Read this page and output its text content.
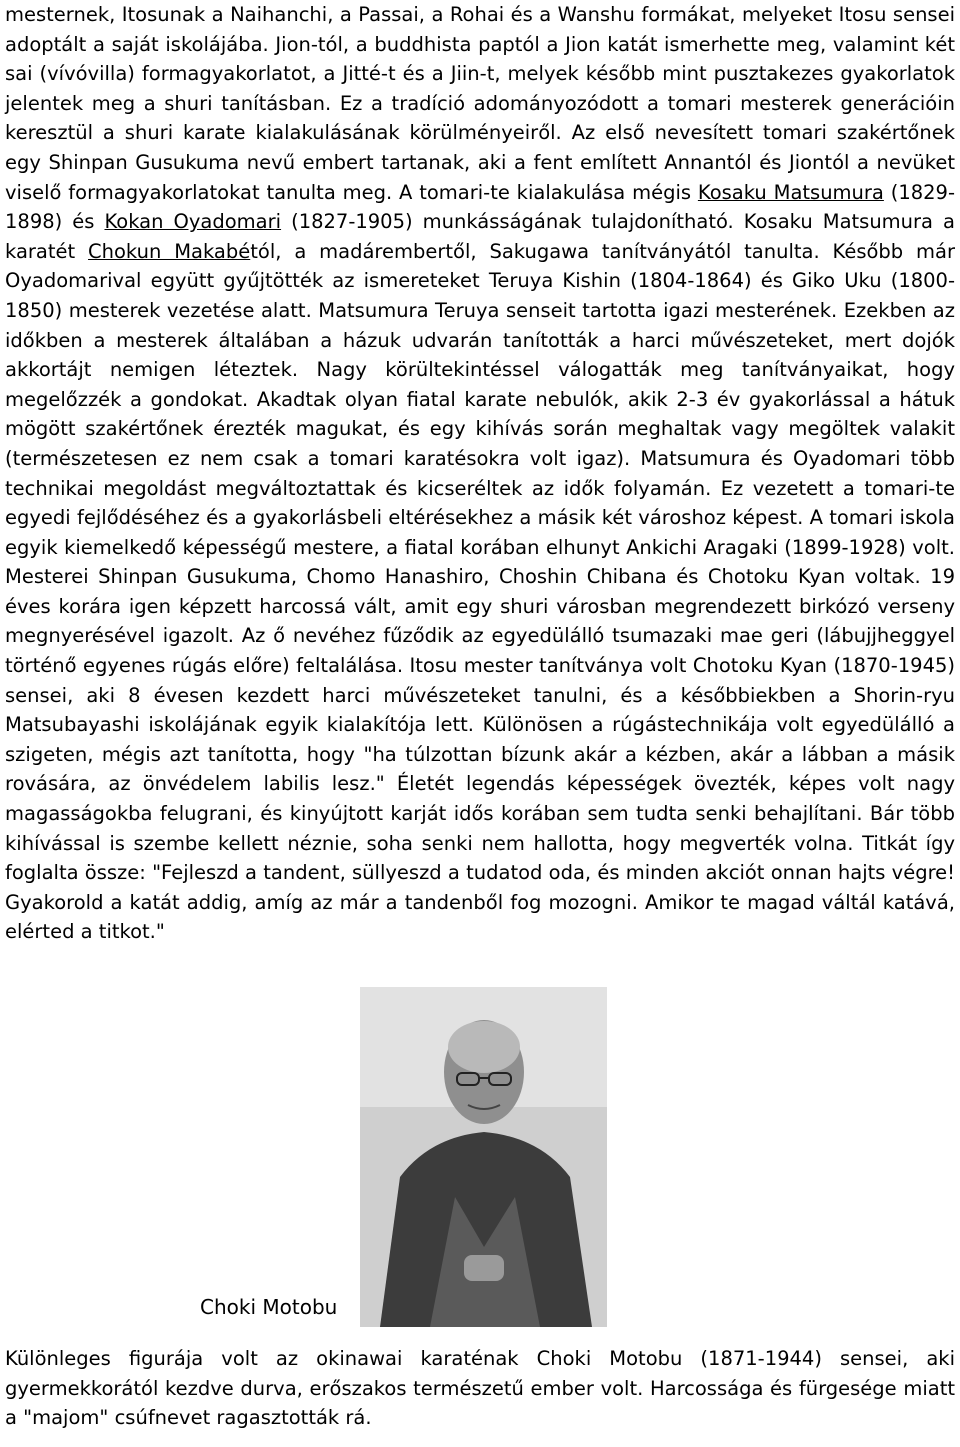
mesternek, Itosunak a Naihanchi, a Passai, a Rohai és a Wanshu formákat, melyeket Itosu sensei adoptált a saját iskolájába. Jion-tól, a buddhista paptól a Jion katát ismerhette meg, valamint két sai (vívóvilla) formagyakorlatot, a Jitté-t és a Jiin-t, melyek később mint pusztakezes gyakorlatok jelentek meg a shuri tanításban. Ez a tradíció adományozódott a tomari mesterek generációin keresztül a shuri karate kialakulásának körülményeiről. Az első nevesített tomari szakértőnek egy Shinpan Gusukuma nevű embert tartanak, aki a fent említett Annantól és Jiontól a nevüket viselő formagyakorlatokat tanulta meg. A tomari-te kialakulása mégis Kosaku Matsumura (1829-1898) és Kokan Oyadomari (1827-1905) munkásságának tulajdonítható. Kosaku Matsumura a karatét Chokun Makabétól, a madárembertől, Sakugawa tanítványától tanulta. Később már Oyadomarival együtt gyűjtötték az ismereteket Teruya Kishin (1804-1864) és Giko Uku (1800-1850) mesterek vezetése alatt. Matsumura Teruya senseit tartotta igazi mesterének. Ezekben az időkben a mesterek általában a házuk udvarán tanították a harci művészeteket, mert dojók akkortájt nemigen léteztek. Nagy körültekintéssel válogatták meg tanítványaikat, hogy megelőzzék a gondokat. Akadtak olyan fiatal karate nebulók, akik 2-3 év gyakorlással a hátuk mögött szakértőnek érezték magukat, és egy kihívás során meghaltak vagy megöltek valakit (természetesen ez nem csak a tomari karatésokra volt igaz). Matsumura és Oyadomari több technikai megoldást megváltoztattak és kicseréltek az idők folyamán. Ez vezetett a tomari-te egyedi fejlődéséhez és a gyakorlásbeli eltérésekhez a másik két városhoz képest. A tomari iskola egyik kiemelkedő képességű mestere, a fiatal korában elhunyt Ankichi Aragaki (1899-1928) volt. Mesterei Shinpan Gusukuma, Chomo Hanashiro, Choshin Chibana és Chotoku Kyan voltak. 19 éves korára igen képzett harcossá vált, amit egy shuri városban megrendezett birkózó verseny megnyerésével igazolt. Az ő nevéhez fűződik az egyedülálló tsumazaki mae geri (lábujjheggyel történő egyenes rúgás előre) feltalálása. Itosu mester tanítványa volt Chotoku Kyan (1870-1945) sensei, aki 8 évesen kezdett harci művészeteket tanulni, és a későbbiekben a Shorin-ryu Matsubayashi iskolájának egyik kialakítója lett. Különösen a rúgástechnikája volt egyedülálló a szigeten, mégis azt tanította, hogy "ha túlzottan bízunk akár a kézben, akár a lábban a másik rovására, az önvédelem labilis lesz." Életét legendás képességek övezték, képes volt nagy magasságokba felugrani, és kinyújtott karját idős korában sem tudta senki behajlítani. Bár több kihívással is szembe kellett néznie, soha senki nem hallotta, hogy megverték volna. Titkát így foglalta össze: "Fejleszd a tandent, süllyeszd a tudatod oda, és minden akciót onnan hajts végre! Gyakorold a katát addig, amíg az már a tandenből fog mozogni. Amikor te magad váltál katává, elérted a titkot."

Choki Motobu

Különleges figurája volt az okinawai karaténak Choki Motobu (1871-1944) sensei, aki gyermekkorától kezdve durva, erőszakos természetű ember volt. Harcossága és fürgesége miatt a "majom" csúfnevet ragasztották rá.
